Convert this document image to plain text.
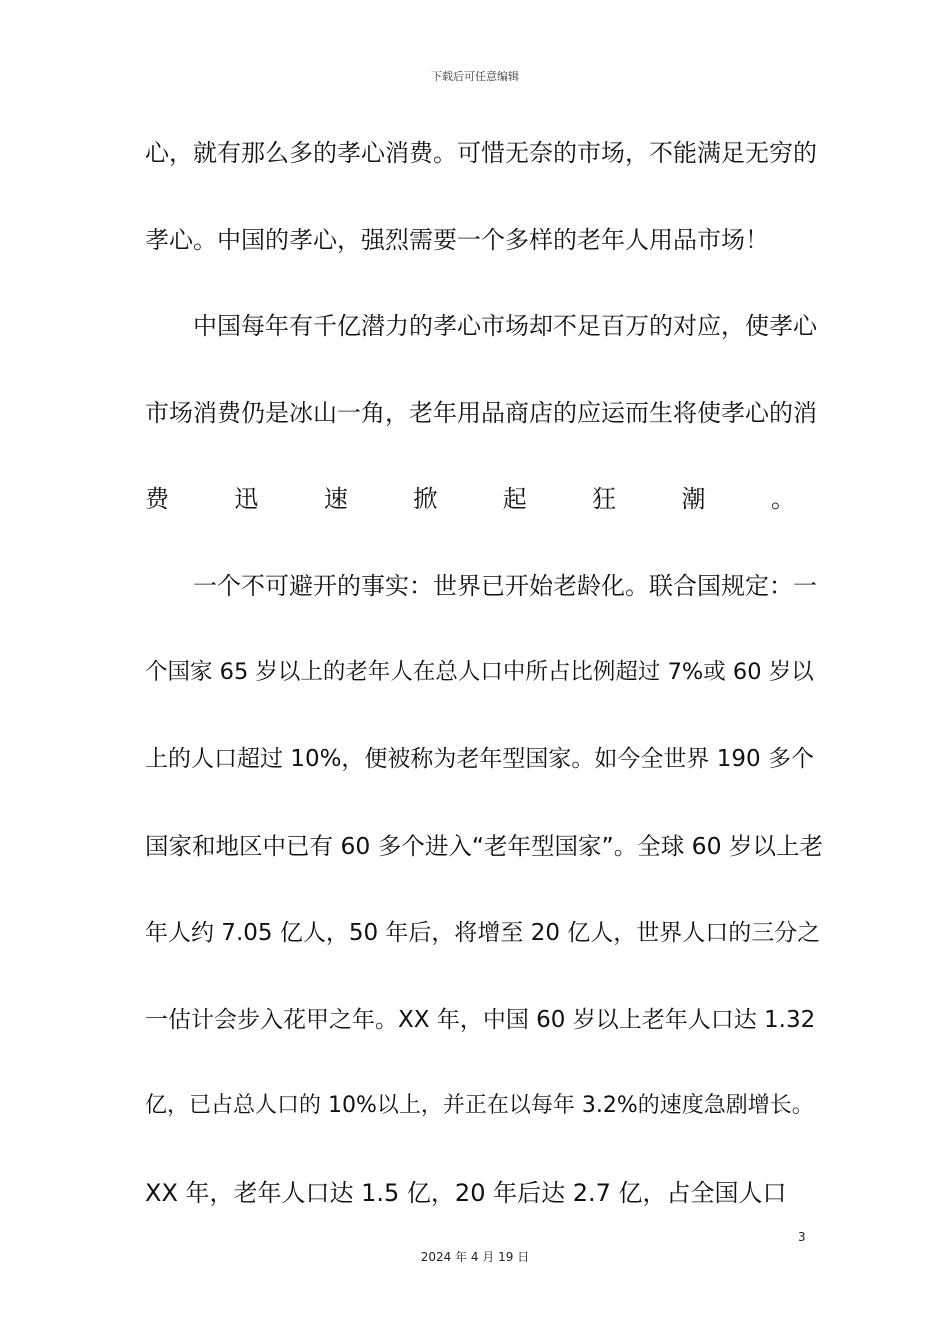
下载后可任意编辑
心，就有那么多的孝心消费。可惜无奈的市场，不能满足无穷的
孝心。中国的孝心，强烈需要一个多样的老年人用品市场！
中国每年有千亿潜力的孝心市场却不足百万的对应，使孝心
市场消费仍是冰山一角，老年用品商店的应运而生将使孝心的消
费	迅	速	掀	起	狂	潮	。
一个不可避开的事实：世界已开始老龄化。联合国规定：一
个国家 65 岁以上的老年人在总人口中所占比例超过 7%或 60 岁以
上的人口超过 10%，便被称为老年型国家。如今全世界 190 多个
国家和地区中已有 60 多个进入“老年型国家”。全球 60 岁以上老
年人约 7.05 亿人，50 年后，将增至 20 亿人，世界人口的三分之
一估计会步入花甲之年。XX 年，中国 60 岁以上老年人口达 1.32
亿，已占总人口的 10%以上，并正在以每年 3.2%的速度急剧增长。
XX 年，老年人口达 1.5 亿，20 年后达 2.7 亿，占全国人口
3
2024 年 4 月 19 日
